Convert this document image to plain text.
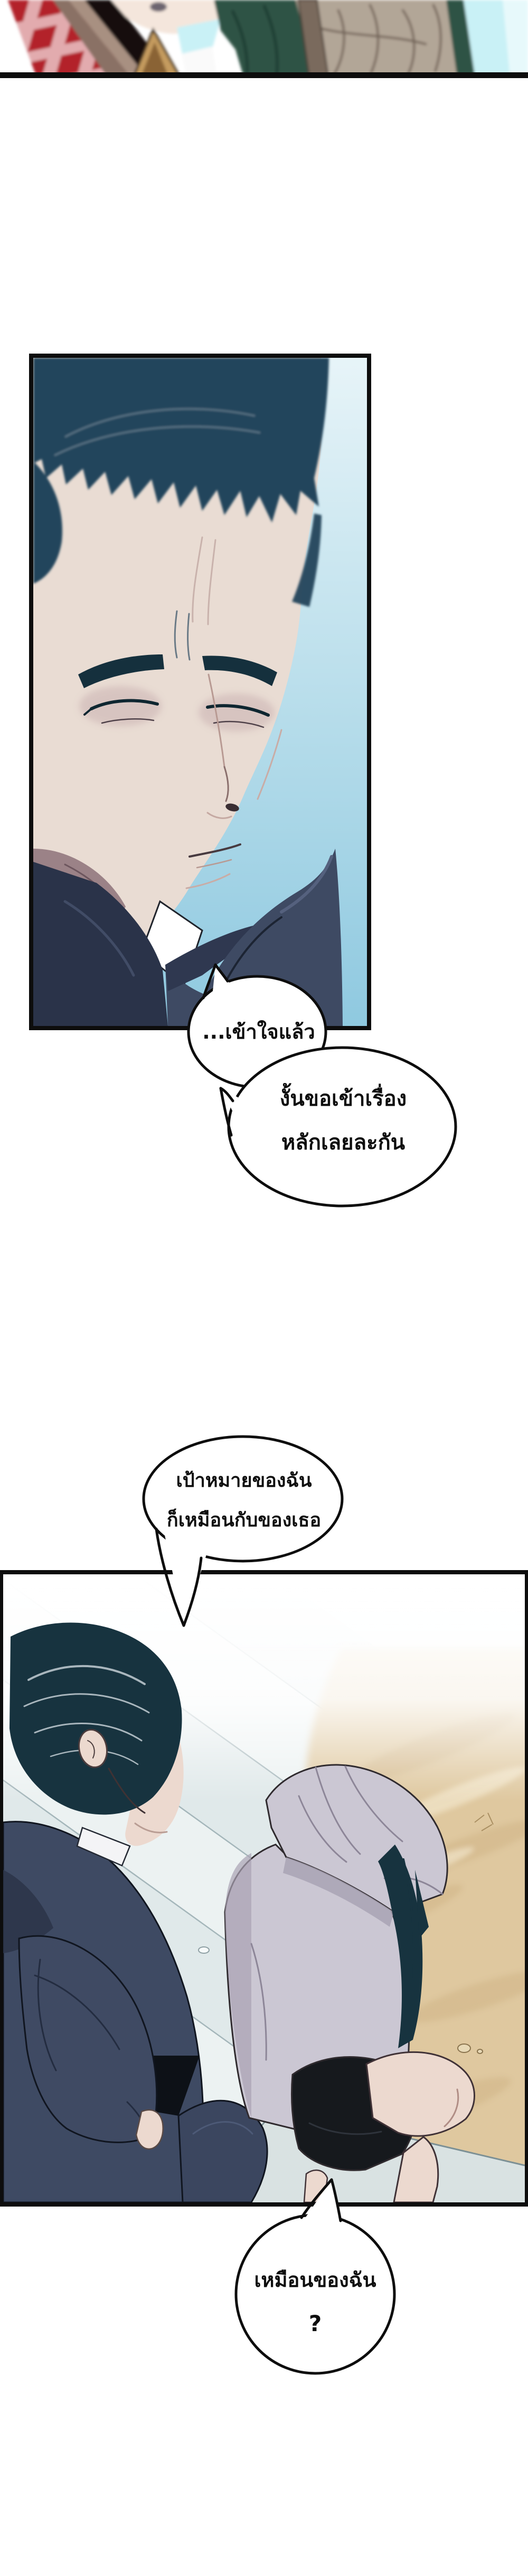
...เข้าใจแล้ว
งั้นขอเข้าเรื่อง
หลักเลยละกัน
เป้าหมายของฉัน
ก็เหมือนกับของเธอ
เหมือนของฉัน
?
